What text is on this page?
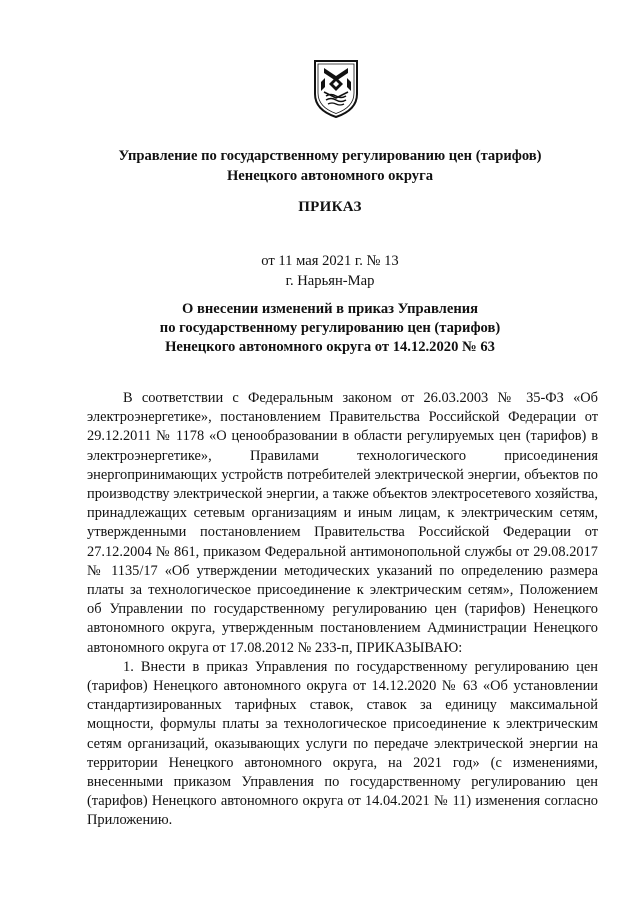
Управление по государственному регулированию цен (тарифов)
Ненецкого автономного округа
ПРИКАЗ
от 11 мая 2021 г. № 13
г. Нарьян-Мар
О внесении изменений в приказ Управления
по государственному регулированию цен (тарифов)
Ненецкого автономного округа от 14.12.2020 № 63

В соответствии с Федеральным законом от 26.03.2003 № 35-ФЗ «Об электроэнергетике», постановлением Правительства Российской Федерации от 29.12.2011 № 1178 «О ценообразовании в области регулируемых цен (тарифов) в электроэнергетике», Правилами технологического присоединения энергопринимающих устройств потребителей электрической энергии, объектов по производству электрической энергии, а также объектов электросетевого хозяйства, принадлежащих сетевым организациям и иным лицам, к электрическим сетям, утвержденными постановлением Правительства Российской Федерации от 27.12.2004 № 861, приказом Федеральной антимонопольной службы от 29.08.2017 № 1135/17 «Об утверждении методических указаний по определению размера платы за технологическое присоединение к электрическим сетям», Положением об Управлении по государственному регулированию цен (тарифов) Ненецкого автономного округа, утвержденным постановлением Администрации Ненецкого автономного округа от 17.08.2012 № 233-п, ПРИКАЗЫВАЮ:

1. Внести в приказ Управления по государственному регулированию цен (тарифов) Ненецкого автономного округа от 14.12.2020 № 63 «Об установлении стандартизированных тарифных ставок, ставок за единицу максимальной мощности, формулы платы за технологическое присоединение к электрическим сетям организаций, оказывающих услуги по передаче электрической энергии на территории Ненецкого автономного округа, на 2021 год» (с изменениями, внесенными приказом Управления по государственному регулированию цен (тарифов) Ненецкого автономного округа от 14.04.2021 № 11) изменения согласно Приложению.
